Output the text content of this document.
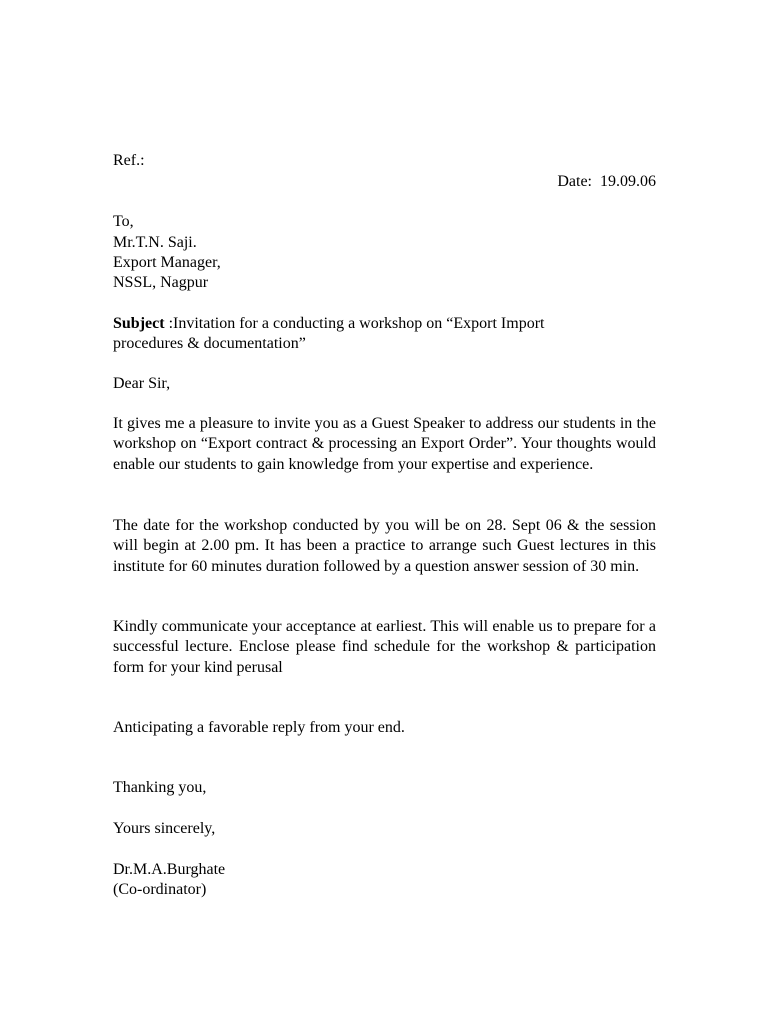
Ref.:
Date: 19.09.06
To,
Mr.T.N. Saji.
Export Manager,
NSSL, Nagpur
Subject :Invitation for a conducting a workshop on “Export Import
procedures & documentation”
Dear Sir,
It gives me a pleasure to invite you as a Guest Speaker to address our students in the workshop on “Export contract & processing an Export Order”. Your thoughts would enable our students to gain knowledge from your expertise and experience.
The date for the workshop conducted by you will be on 28. Sept 06 & the session will begin at 2.00 pm. It has been a practice to arrange such Guest lectures in this institute for 60 minutes duration followed by a question answer session of 30 min.
Kindly communicate your acceptance at earliest. This will enable us to prepare for a successful lecture. Enclose please find schedule for the workshop & participation form for your kind perusal
Anticipating a favorable reply from your end.
Thanking you,
Yours sincerely,
Dr.M.A.Burghate
(Co-ordinator)
